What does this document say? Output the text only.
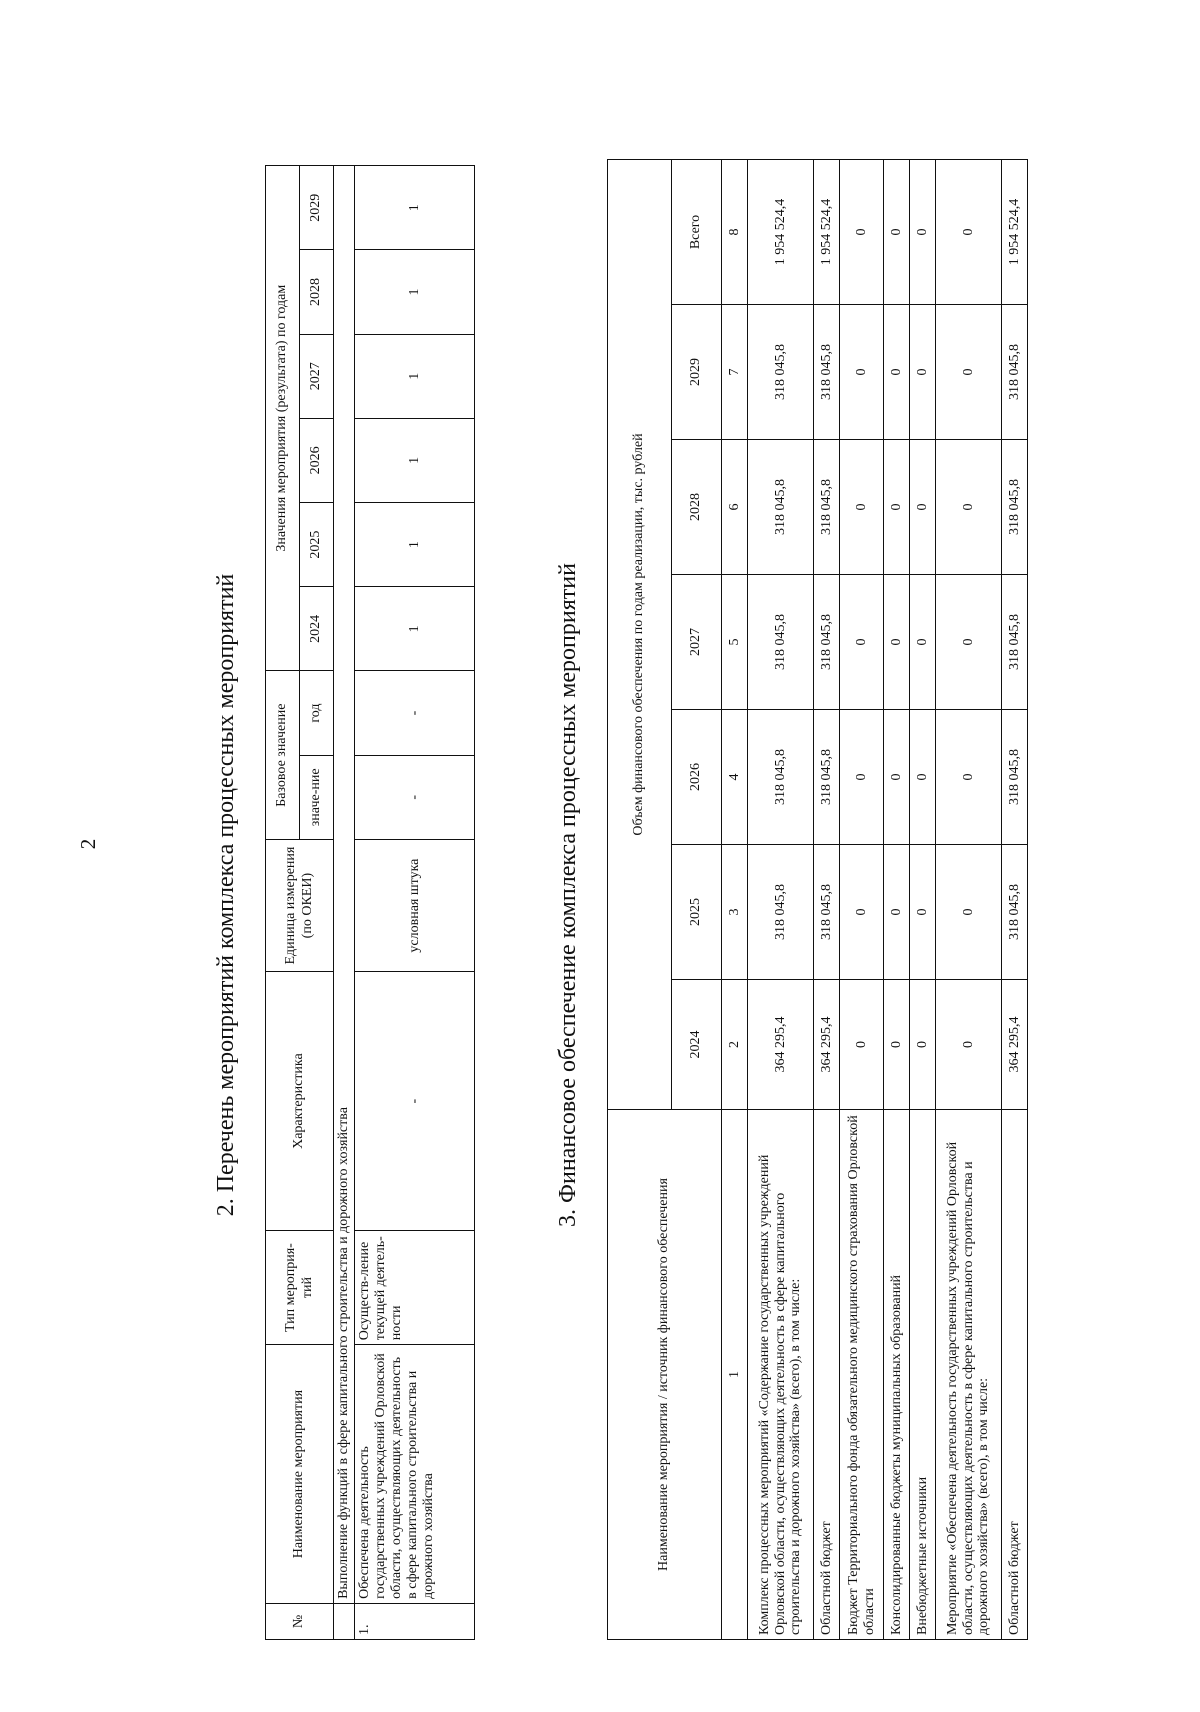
2	2. Перечень мероприятий комплекса процессных мероприятий
№	Наименование мероприятия	Тип мероприя-тий	Характеристика	Единица измерения (по ОКЕИ)	Базовое значение		Значения мероприятия (результата) по годам					
					значе-ние	год	2024	2025	2026	2027	2028	2029
	Выполнение функций в сфере капитального строительства и дорожного хозяйства											
1.	Обеспечена деятельность государственных учреждений Орловской области, осуществляющих деятельность в сфере капитального строительства и дорожного хозяйства	Осуществ-ление текущей деятель-ности	-	условная штука	-	-	1	1	1	1	1	1
3. Финансовое обеспечение комплекса процессных мероприятий
Наименование мероприятия / источник финансового обеспечения	Объем финансового обеспечения по годам реализации, тыс. рублей						
	2024	2025	2026	2027	2028	2029	Всего
1	2	3	4	5	6	7	8
Комплекс процессных мероприятий «Содержание государственных учреждений Орловской области, осуществляющих деятельность в сфере капитального строительства и дорожного хозяйства» (всего), в том числе:	364 295,4	318 045,8	318 045,8	318 045,8	318 045,8	318 045,8	1 954 524,4
Областной бюджет	364 295,4	318 045,8	318 045,8	318 045,8	318 045,8	318 045,8	1 954 524,4
Бюджет Территориального фонда обязательного медицинского страхования Орловской области	0	0	0	0	0	0	0
Консолидированные бюджеты муниципальных образований	0	0	0	0	0	0	0
Внебюджетные источники	0	0	0	0	0	0	0
Мероприятие «Обеспечена деятельность государственных учреждений Орловской области, осуществляющих деятельность в сфере капитального строительства и дорожного хозяйства» (всего), в том числе:	0	0	0	0	0	0	0
Областной бюджет	364 295,4	318 045,8	318 045,8	318 045,8	318 045,8	318 045,8	1 954 524,4
